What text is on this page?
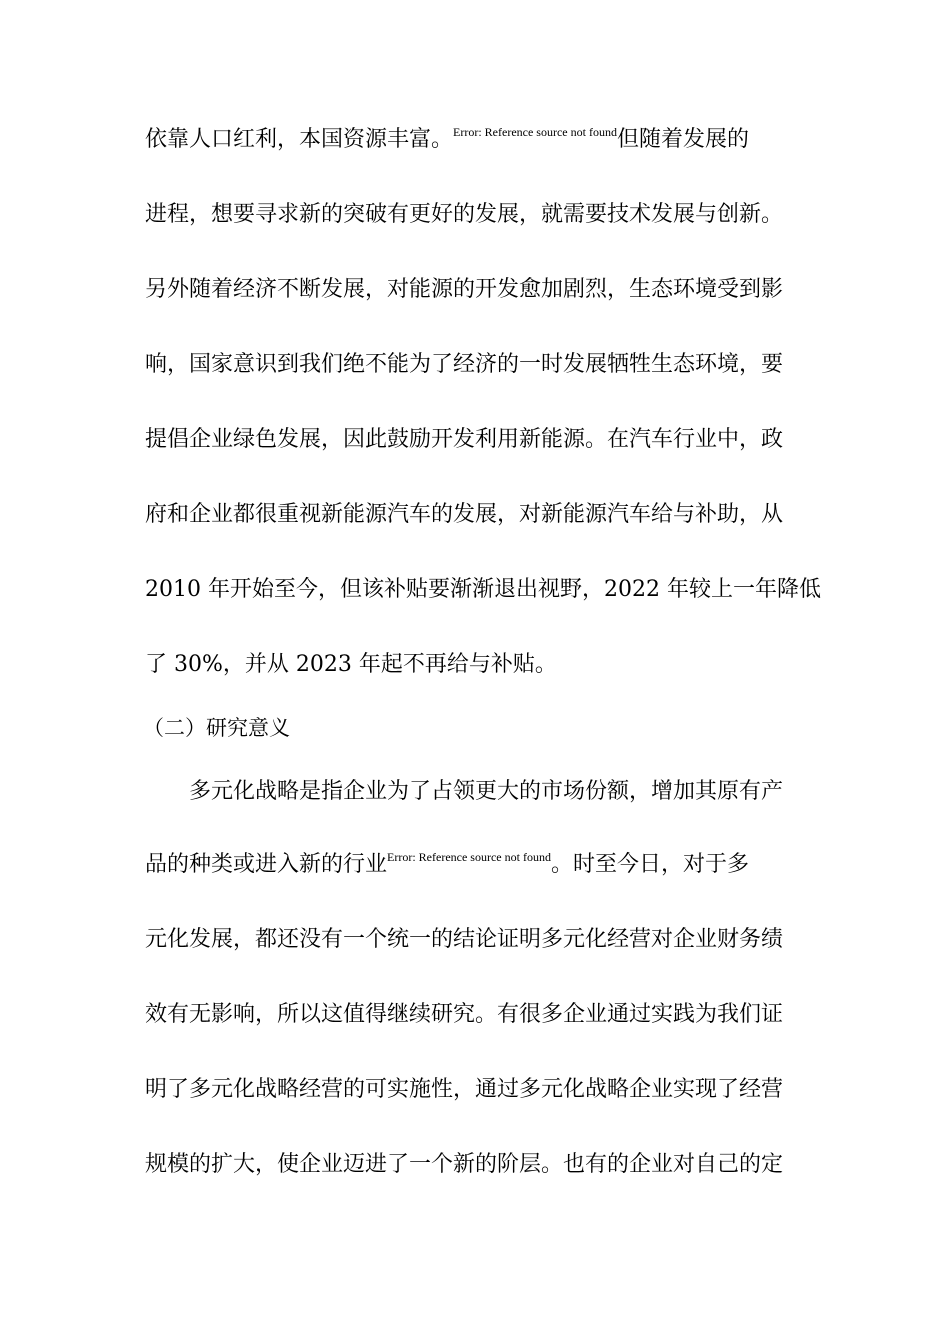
依靠人口红利，本国资源丰富。$^{Error: Reference source not found}$但随着发展的
进程，想要寻求新的突破有更好的发展，就需要技术发展与创新。
另外随着经济不断发展，对能源的开发愈加剧烈，生态环境受到影
响，国家意识到我们绝不能为了经济的一时发展牺牲生态环境，要
提倡企业绿色发展，因此鼓励开发利用新能源。在汽车行业中，政
府和企业都很重视新能源汽车的发展，对新能源汽车给与补助，从
2010 年开始至今，但该补贴要渐渐退出视野，2022 年较上一年降低
了 30%，并从 2023 年起不再给与补贴。
（二）研究意义
多元化战略是指企业为了占领更大的市场份额，增加其原有产
品的种类或进入新的行业$^{Error: Reference source not found}$。时至今日，对于多
元化发展，都还没有一个统一的结论证明多元化经营对企业财务绩
效有无影响，所以这值得继续研究。有很多企业通过实践为我们证
明了多元化战略经营的可实施性，通过多元化战略企业实现了经营
规模的扩大，使企业迈进了一个新的阶层。也有的企业对自己的定
